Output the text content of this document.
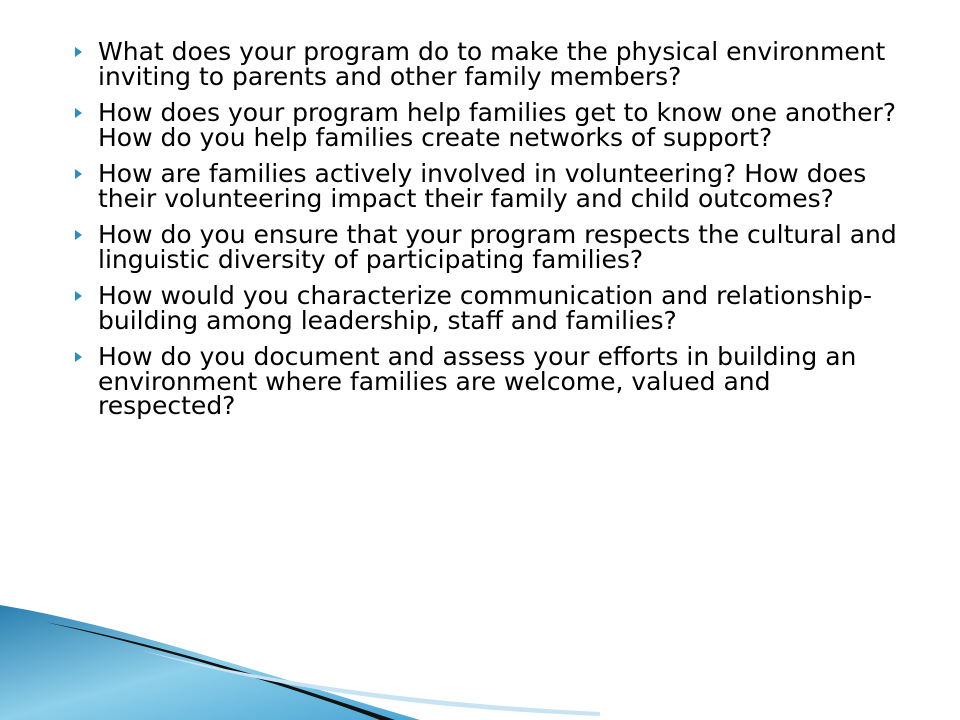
What does your program do to make the physical environment inviting to parents and other family members?
How does your program help families get to know one another? How do you help families create networks of support?
How are families actively involved in volunteering? How does their volunteering impact their family and child outcomes?
How do you ensure that your program respects the cultural and linguistic diversity of participating families?
How would you characterize communication and relationship-building among leadership, staff and families?
How do you document and assess your efforts in building an environment where families are welcome, valued and respected?
